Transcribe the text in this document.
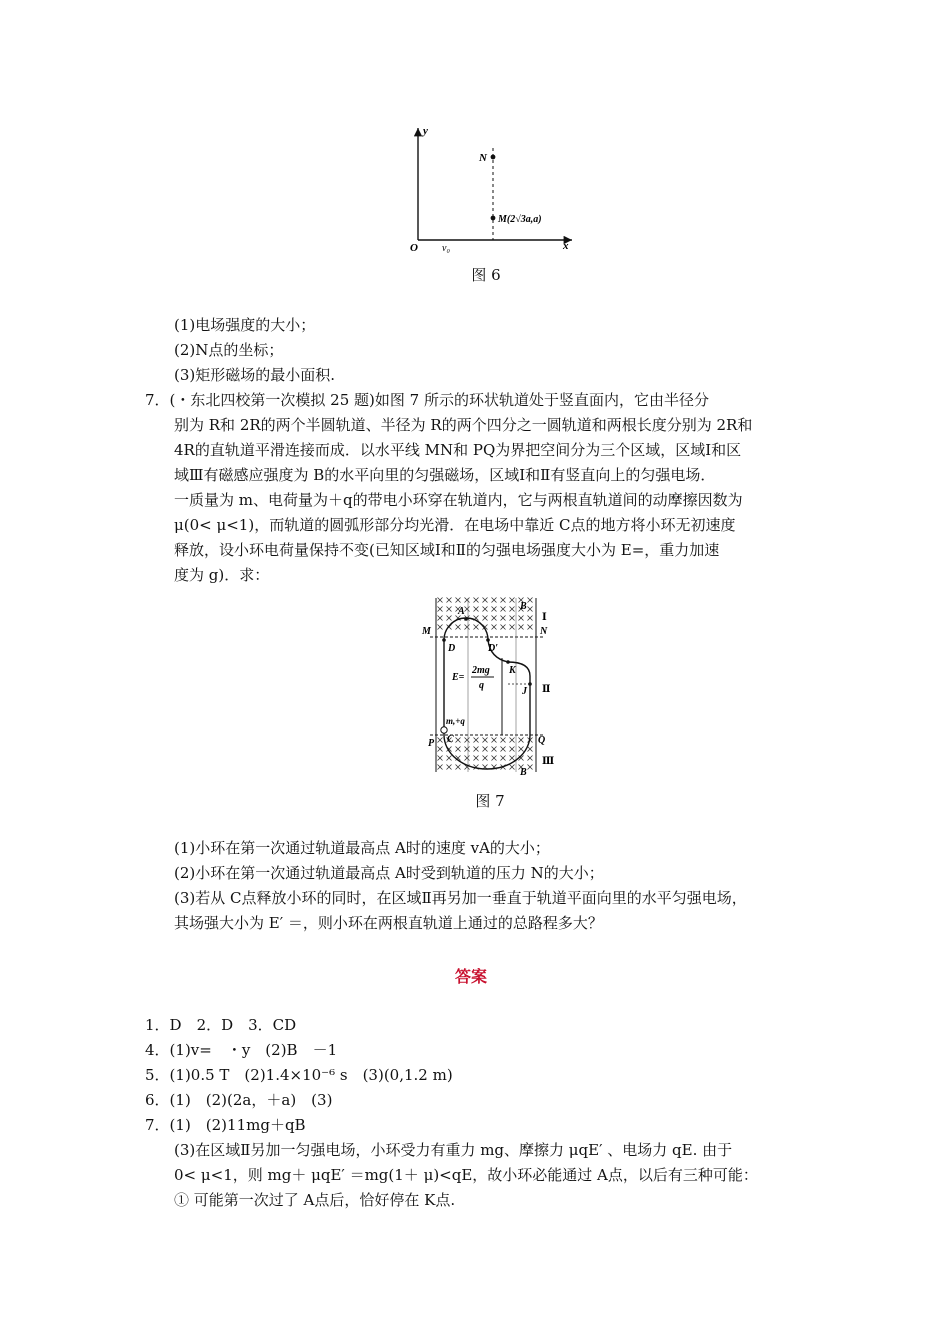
y
x
O v₀
N
M(2√3a,a)
图 6
(1)电场强度的大小；
(2)N点的坐标；
(3)矩形磁场的最小面积.
7．(・东北四校第一次模拟 25 题)如图 7 所示的环状轨道处于竖直面内，它由半径分
别为 R和 2R的两个半圆轨道、半径为 R的两个四分之一圆轨道和两根长度分别为 2R和
4R的直轨道平滑连接而成．以水平线 MN和 PQ为界把空间分为三个区域，区域Ⅰ和区
域Ⅲ有磁感应强度为 B的水平向里的匀强磁场，区域Ⅰ和Ⅱ有竖直向上的匀强电场．
一质量为 m、电荷量为＋q的带电小环穿在轨道内，它与两根直轨道间的动摩擦因数为
μ(0< μ<1)，而轨道的圆弧形部分均光滑．在电场中靠近 C点的地方将小环无初速度
释放，设小环电荷量保持不变(已知区域Ⅰ和Ⅱ的匀强电场强度大小为 E=，重力加速
度为 g)．求：
A	B
Ⅰ
M	N
D	D′
K
J Ⅱ
E=
2mg
q
m,+q
P C	Q
Ⅲ
B
图 7
(1)小环在第一次通过轨道最高点 A时的速度 vA的大小；
(2)小环在第一次通过轨道最高点 A时受到轨道的压力 N的大小；
(3)若从 C点释放小环的同时，在区域Ⅱ再另加一垂直于轨道平面向里的水平匀强电场，
其场强大小为 E′ ＝，则小环在两根直轨道上通过的总路程多大？
答案
1．D　2．D　3．CD
4．(1)v=　・y　(2)B　－1
5．(1)0.5 T　(2)1.4×10⁻⁶ s　(3)(0,1.2 m)
6．(1)　(2)(2a，＋a)　(3)
7．(1)　(2)11mg＋qB
(3)在区域Ⅱ另加一匀强电场，小环受力有重力 mg、摩擦力 μqE′ 、电场力 qE. 由于
0< μ<1，则 mg＋ μqE′ ＝mg(1＋ μ)<qE，故小环必能通过 A点，以后有三种可能：
① 可能第一次过了 A点后，恰好停在 K点.
